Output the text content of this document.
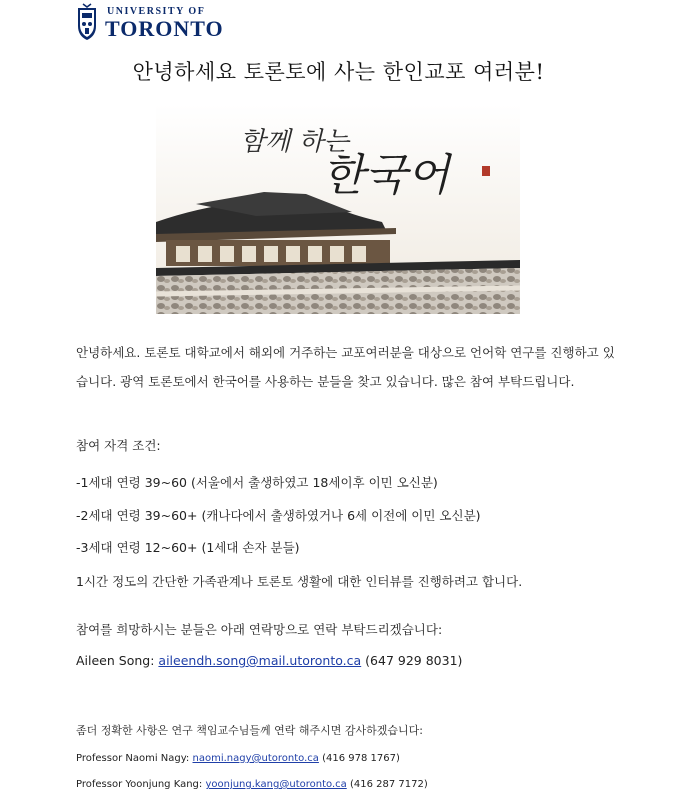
UNIVERSITY OF
TORONTO
안녕하세요 토론토에 사는 한인교포 여러분!
함께 하는
한국어
안녕하세요. 토론토 대학교에서 해외에 거주하는 교포여러분을 대상으로 언어학 연구를 진행하고 있습니다. 광역 토론토에서 한국어를 사용하는 분들을 찾고 있습니다. 많은 참여 부탁드립니다.
참여 자격 조건:
-1세대 연령 39~60 (서울에서 출생하였고 18세이후 이민 오신분)
-2세대 연령 39~60+ (캐나다에서 출생하였거나 6세 이전에 이민 오신분)
-3세대 연령 12~60+ (1세대 손자 분들)
1시간 정도의 간단한 가족관계나 토론토 생활에 대한 인터뷰를 진행하려고 합니다.
참여를 희망하시는 분들은 아래 연락망으로 연락 부탁드리겠습니다:
Aileen Song: aileendh.song@mail.utoronto.ca (647 929 8031)
좀더 정확한 사항은 연구 책임교수님들께 연락 해주시면 감사하겠습니다:
Professor Naomi Nagy: naomi.nagy@utoronto.ca (416 978 1767)
Professor Yoonjung Kang: yoonjung.kang@utoronto.ca (416 287 7172)
